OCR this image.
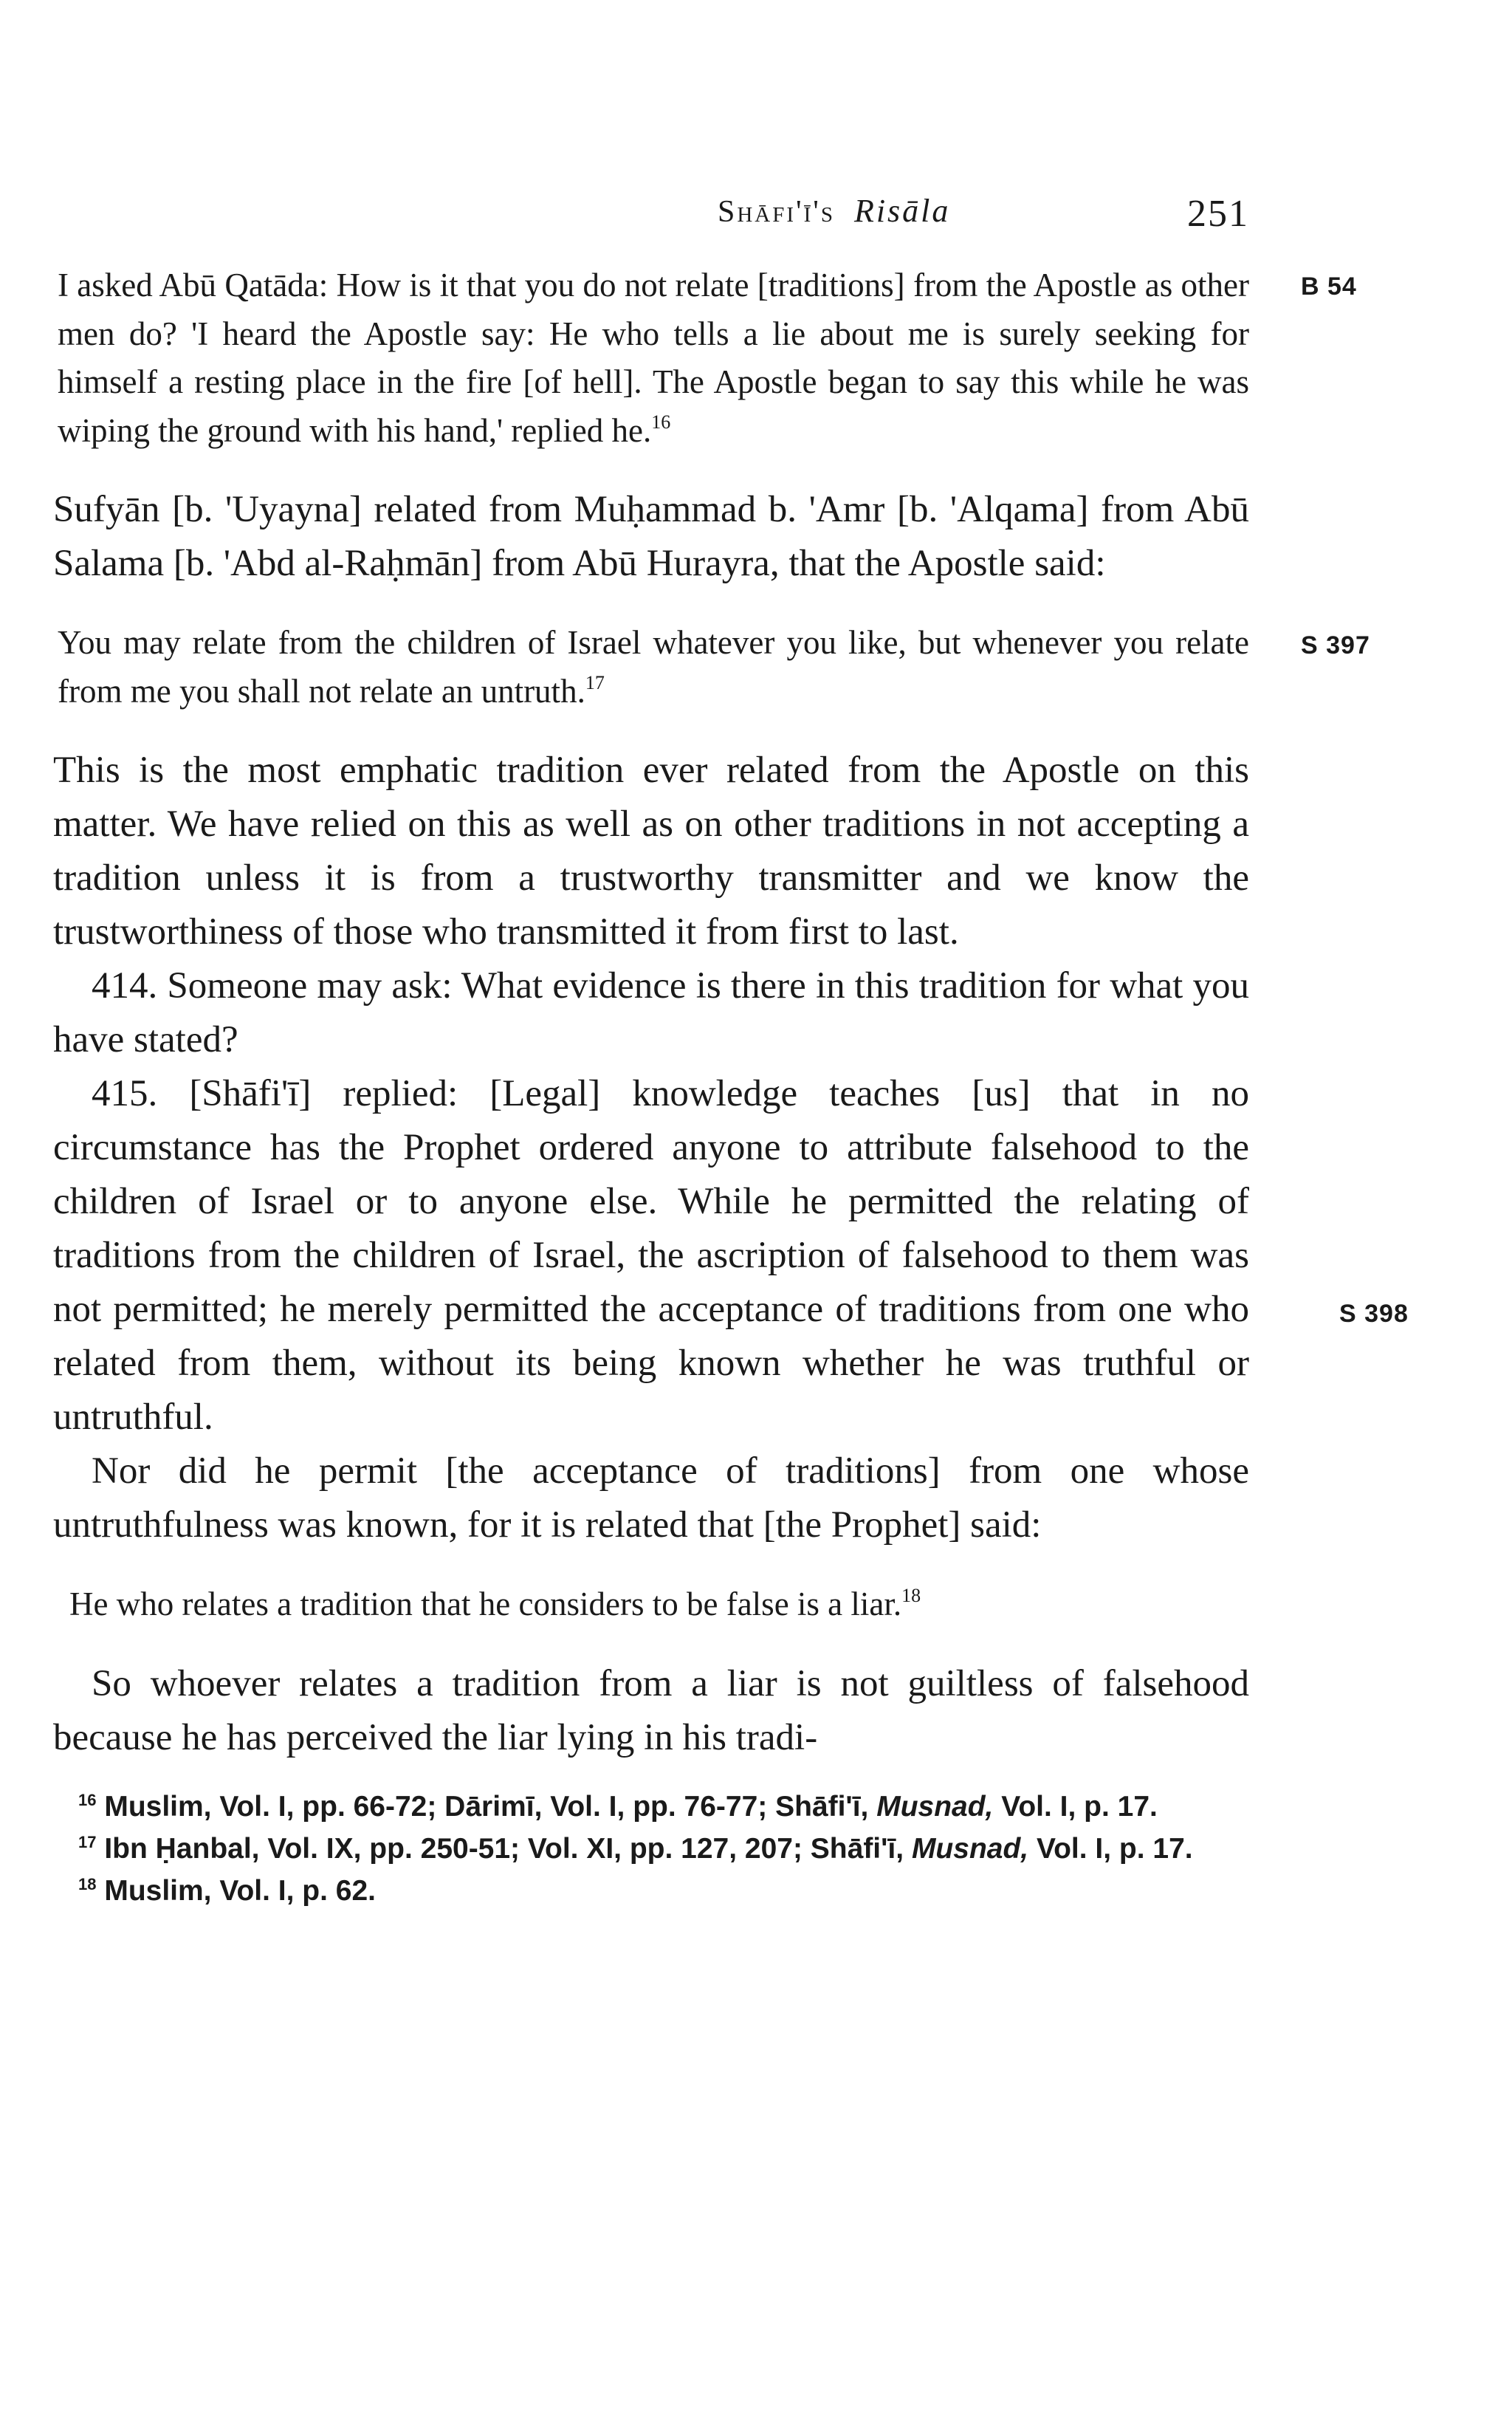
Shāfi'ī's Risāla	251

I asked Abū Qatāda: How is it that you do not relate [traditions] from the Apostle as other men do? 'I heard the Apostle say: He who tells a lie about me is surely seeking for himself a resting place in the fire [of hell]. The Apostle began to say this while he was wiping the ground with his hand,' replied he.$^{16}$
B 54

Sufyān [b. 'Uyayna] related from Muḥammad b. 'Amr [b. 'Alqama] from Abū Salama [b. 'Abd al-Raḥmān] from Abū Hurayra, that the Apostle said:

You may relate from the children of Israel whatever you like, but whenever you relate from me you shall not relate an untruth.$^{17}$
S 397

This is the most emphatic tradition ever related from the Apostle on this matter. We have relied on this as well as on other traditions in not accepting a tradition unless it is from a trustworthy transmitter and we know the trustworthiness of those who transmitted it from first to last.

414. Someone may ask: What evidence is there in this tradition for what you have stated?

415. [Shāfi'ī] replied: [Legal] knowledge teaches [us] that in no circumstance has the Prophet ordered anyone to attribute falsehood to the children of Israel or to anyone else. While he permitted the relating of traditions from the children of Israel, the ascription of falsehood to them was not permitted; he merely permitted the acceptance of traditions from one who related from them, without its being known whether he was truthful or untruthful.
S 398

Nor did he permit [the acceptance of traditions] from one whose untruthfulness was known, for it is related that [the Prophet] said:

He who relates a tradition that he considers to be false is a liar.$^{18}$

So whoever relates a tradition from a liar is not guiltless of falsehood because he has perceived the liar lying in his tradi-

$^{16}$ Muslim, Vol. I, pp. 66-72; Dārimī, Vol. I, pp. 76-77; Shāfi'ī, Musnad, Vol. I, p. 17.

$^{17}$ Ibn Ḥanbal, Vol. IX, pp. 250-51; Vol. XI, pp. 127, 207; Shāfi'ī, Musnad, Vol. I, p. 17.

$^{18}$ Muslim, Vol. I, p. 62.
